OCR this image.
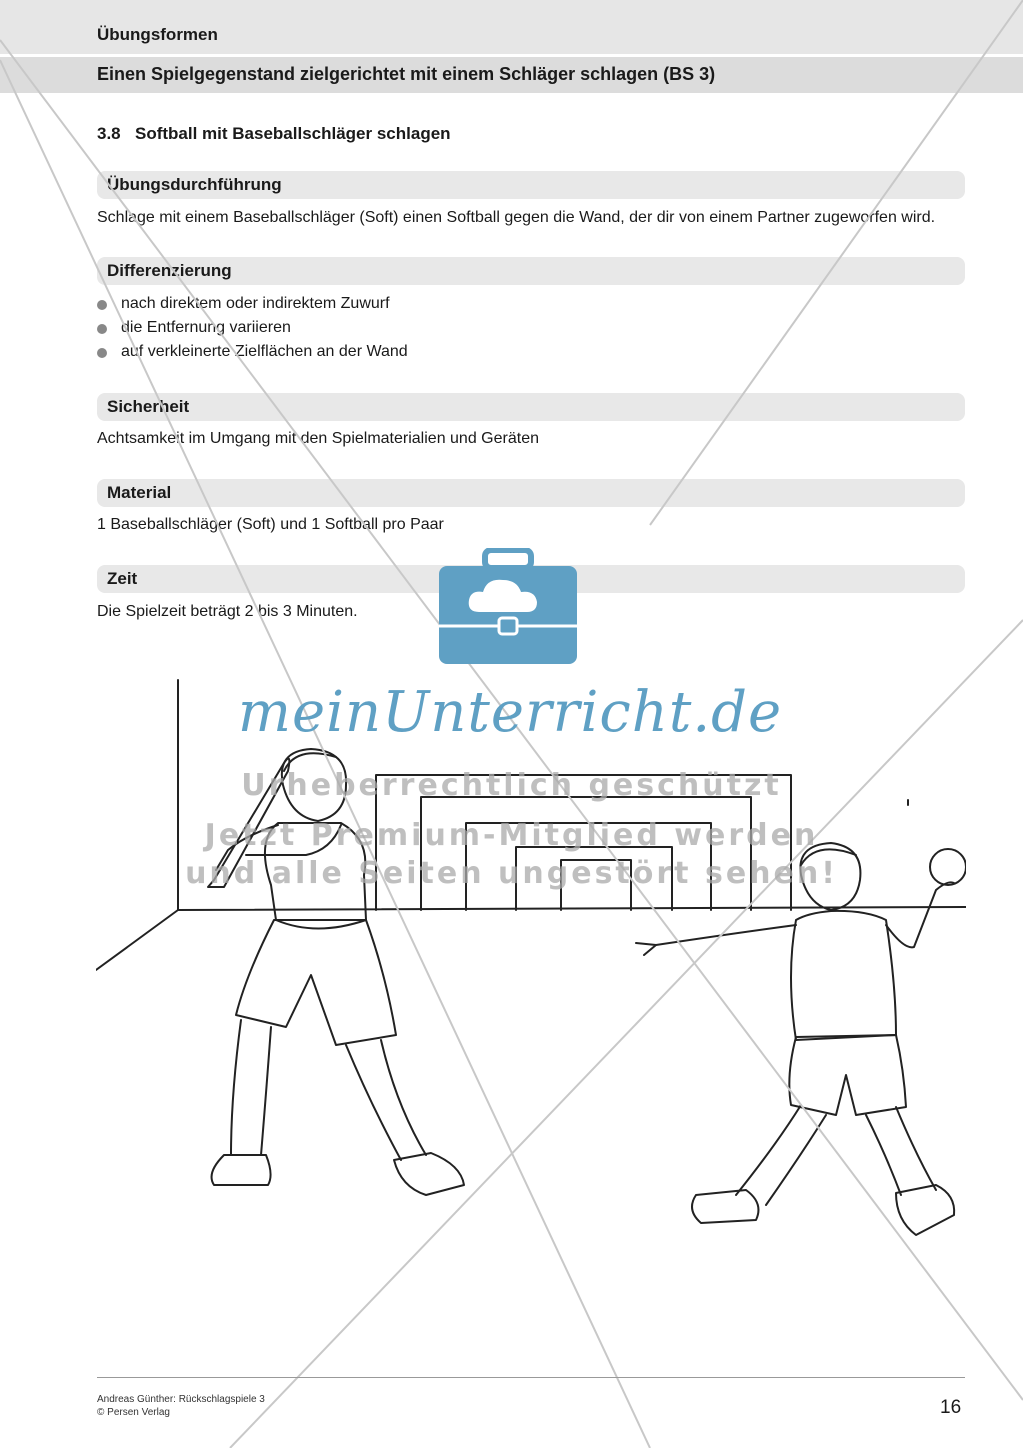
Übungsformen
Einen Spielgegenstand zielgerichtet mit einem Schläger schlagen (BS 3)
3.8 Softball mit Baseballschläger schlagen
Übungsdurchführung
Schlage mit einem Baseballschläger (Soft) einen Softball gegen die Wand, der dir von einem Partner zugeworfen wird.
Differenzierung
nach direktem oder indirektem Zuwurf
die Entfernung variieren
auf verkleinerte Zielflächen an der Wand
Sicherheit
Achtsamkeit im Umgang mit den Spielmaterialien und Geräten
Material
1 Baseballschläger (Soft) und 1 Softball pro Paar
Zeit
Die Spielzeit beträgt 2 bis 3 Minuten.
meinUnterricht.de
Urheberrechtlich geschützt
Jetzt Premium-Mitglied werden
und alle Seiten ungestört sehen!
Andreas Günther: Rückschlagspiele 3
© Persen Verlag	16
